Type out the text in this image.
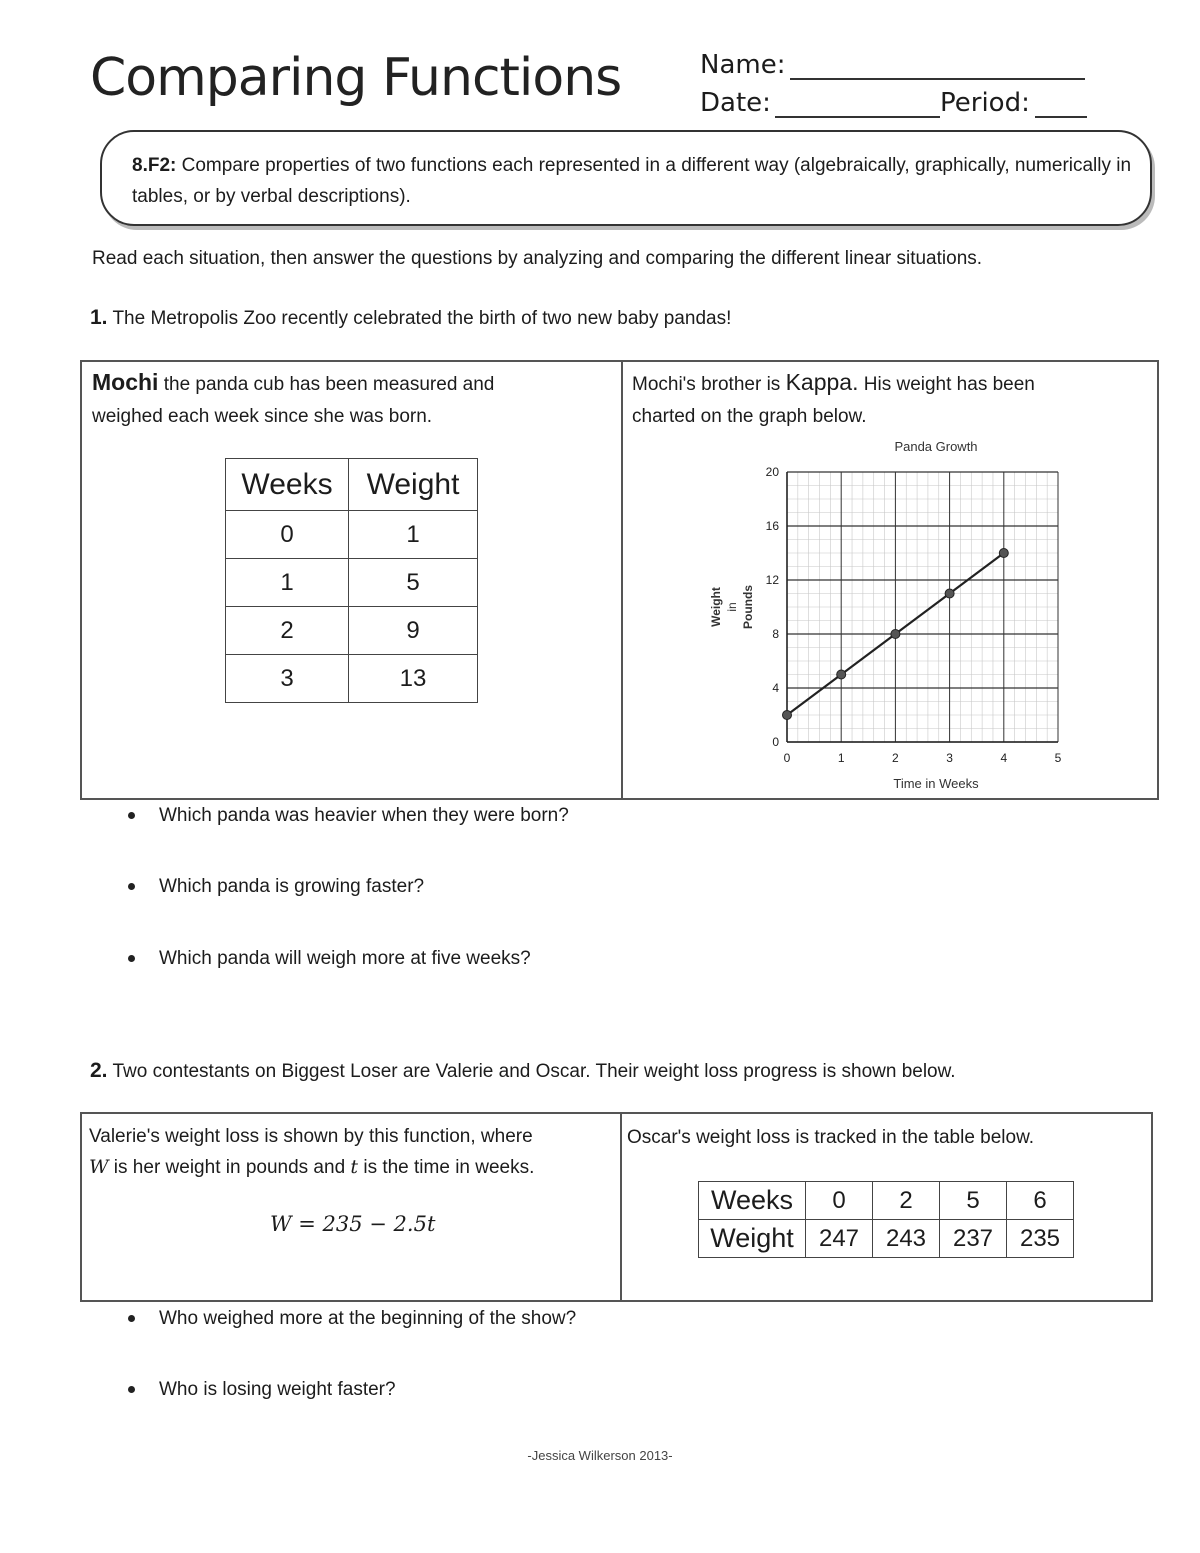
Comparing Functions	Name:
Date:	Period:
8.F2: Compare properties of two functions each represented in a different way (algebraically, graphically, numerically in tables, or by verbal descriptions).
Read each situation, then answer the questions by analyzing and comparing the different linear situations.
1. The Metropolis Zoo recently celebrated the birth of two new baby pandas!
Mochi the panda cub has been measured and
weighed each week since she was born.
Weeks	Weight
0	1
1	5
2	9
3	13
Mochi's brother is Kappa. His weight has been
charted on the graph below.
Panda Growth
0	1	2	3	4	5
0
4
8
12
16
20
Time in Weeks
Weight in Pounds
Which panda was heavier when they were born?
Which panda is growing faster?
Which panda will weigh more at five weeks?
2. Two contestants on Biggest Loser are Valerie and Oscar. Their weight loss progress is shown below.
Valerie's weight loss is shown by this function, where
W is her weight in pounds and t is the time in weeks.
W = 235 − 2.5t
Oscar's weight loss is tracked in the table below.
Weeks	0	2	5	6
Weight	247	243	237	235
Who weighed more at the beginning of the show?
Who is losing weight faster?
-Jessica Wilkerson 2013-
